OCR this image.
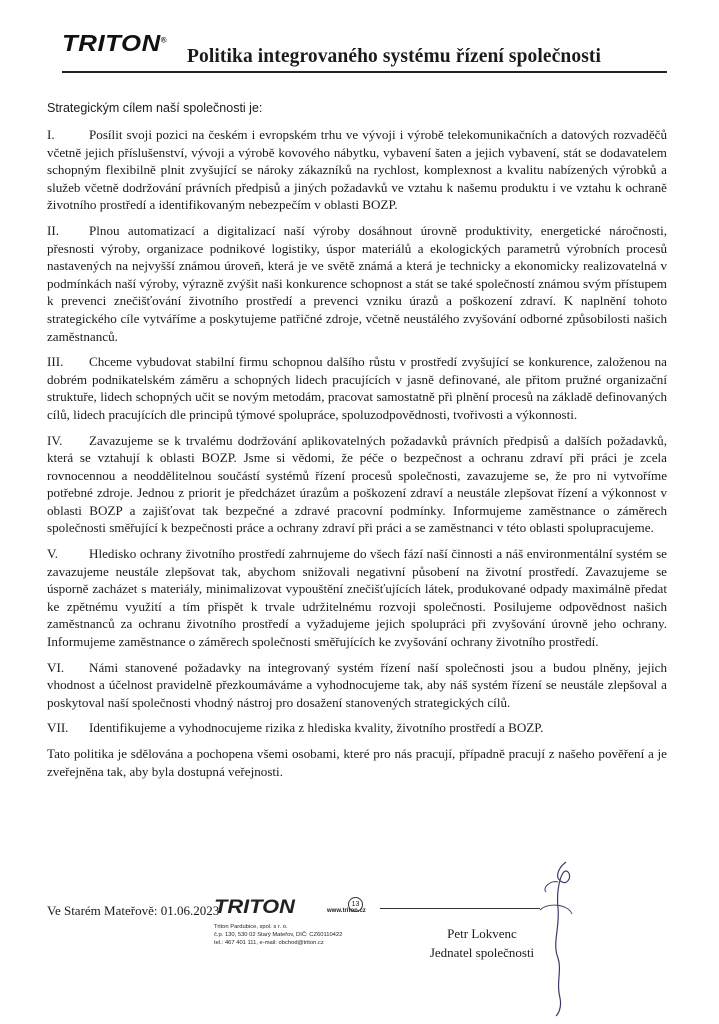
TRITON®
Politika integrovaného systému řízení společnosti
Strategickým cílem naší společnosti je:

I.	Posílit svoji pozici na českém i evropském trhu ve vývoji i výrobě telekomunikačních a datových rozvaděčů včetně jejich příslušenství, vývoji a výrobě kovového nábytku, vybavení šaten a jejich vybavení, stát se dodavatelem schopným flexibilně plnit zvyšující se nároky zákazníků na rychlost, komplexnost a kvalitu nabízených výrobků a služeb včetně dodržování právních předpisů a jiných požadavků ve vztahu k našemu produktu i ve vztahu k ochraně životního prostředí a identifikovaným nebezpečím v oblasti BOZP.

II. Plnou automatizací a digitalizací naší výroby dosáhnout úrovně produktivity, energetické náročnosti, přesnosti výroby, organizace podnikové logistiky, úspor materiálů a ekologických parametrů výrobních procesů nastavených na nejvyšší známou úroveň, která je ve světě známá a která je technicky a ekonomicky realizovatelná v podmínkách naší výroby, výrazně zvýšit naši konkurence schopnost a stát se také společností známou svým přístupem k prevenci znečišťování životního prostředí a prevenci vzniku úrazů a poškození zdraví. K naplnění tohoto strategického cíle vytváříme a poskytujeme patřičné zdroje, včetně neustálého zvyšování odborné způsobilosti našich zaměstnanců.

III. Chceme vybudovat stabilní firmu schopnou dalšího růstu v prostředí zvyšující se konkurence, založenou na dobrém podnikatelském záměru a schopných lidech pracujících v jasně definované, ale přitom pružné organizační struktuře, lidech schopných učit se novým metodám, pracovat samostatně při plnění procesů na základě definovaných cílů, lidech pracujících dle principů týmové spolupráce, spoluzodpovědnosti, tvořivosti a výkonnosti.

IV. Zavazujeme se k trvalému dodržování aplikovatelných požadavků právních předpisů a dalších požadavků, která se vztahují k oblasti BOZP. Jsme si vědomi, že péče o bezpečnost a ochranu zdraví při práci je zcela rovnocennou a neoddělitelnou součástí systémů řízení procesů společnosti, zavazujeme se, že pro ni vytvoříme potřebné zdroje. Jednou z priorit je předcházet úrazům a poškození zdraví a neustále zlepšovat řízení a výkonnost v oblasti BOZP a zajišťovat tak bezpečné a zdravé pracovní podmínky. Informujeme zaměstnance o záměrech společnosti směřující k bezpečnosti práce a ochrany zdraví při práci a se zaměstnanci v této oblasti spolupracujeme.

V. Hledisko ochrany životního prostředí zahrnujeme do všech fází naší činnosti a náš environmentální systém se zavazujeme neustále zlepšovat tak, abychom snižovali negativní působení na životní prostředí. Zavazujeme se úsporně zacházet s materiály, minimalizovat vypouštění znečišťujících látek, produkované odpady maximálně předat ke zpětnému využití a tím přispět k trvale udržitelnému rozvoji společnosti. Posilujeme odpovědnost našich zaměstnanců za ochranu životního prostředí a vyžadujeme jejich spolupráci při zvyšování úrovně jeho ochrany. Informujeme zaměstnance o záměrech společnosti směřujících ke zvyšování ochrany životního prostředí.

VI. Námi stanovené požadavky na integrovaný systém řízení naší společnosti jsou a budou plněny, jejich vhodnost a účelnost pravidelně přezkoumáváme a vyhodnocujeme tak, aby náš systém řízení se neustále zlepšoval a poskytoval naší společnosti vhodný nástroj pro dosažení stanovených strategických cílů.

VII. Identifikujeme a vyhodnocujeme rizika z hlediska kvality, životního prostředí a BOZP.

Tato politika je sdělována a pochopena všemi osobami, které pro nás pracují, případně pracují z našeho pověření a je zveřejněna tak, aby byla dostupná veřejnosti.

Ve Starém Mateřově: 01.06.2023
TRITON	www.triton.cz
13
Triton Pardubice, spol. s r. o.
č.p. 130, 530 02 Starý Mateřov, DIČ: CZ60110422
tel.: 467 401 111, e-mail: obchod@triton.cz
Petr Lokvenc
Jednatel společnosti
